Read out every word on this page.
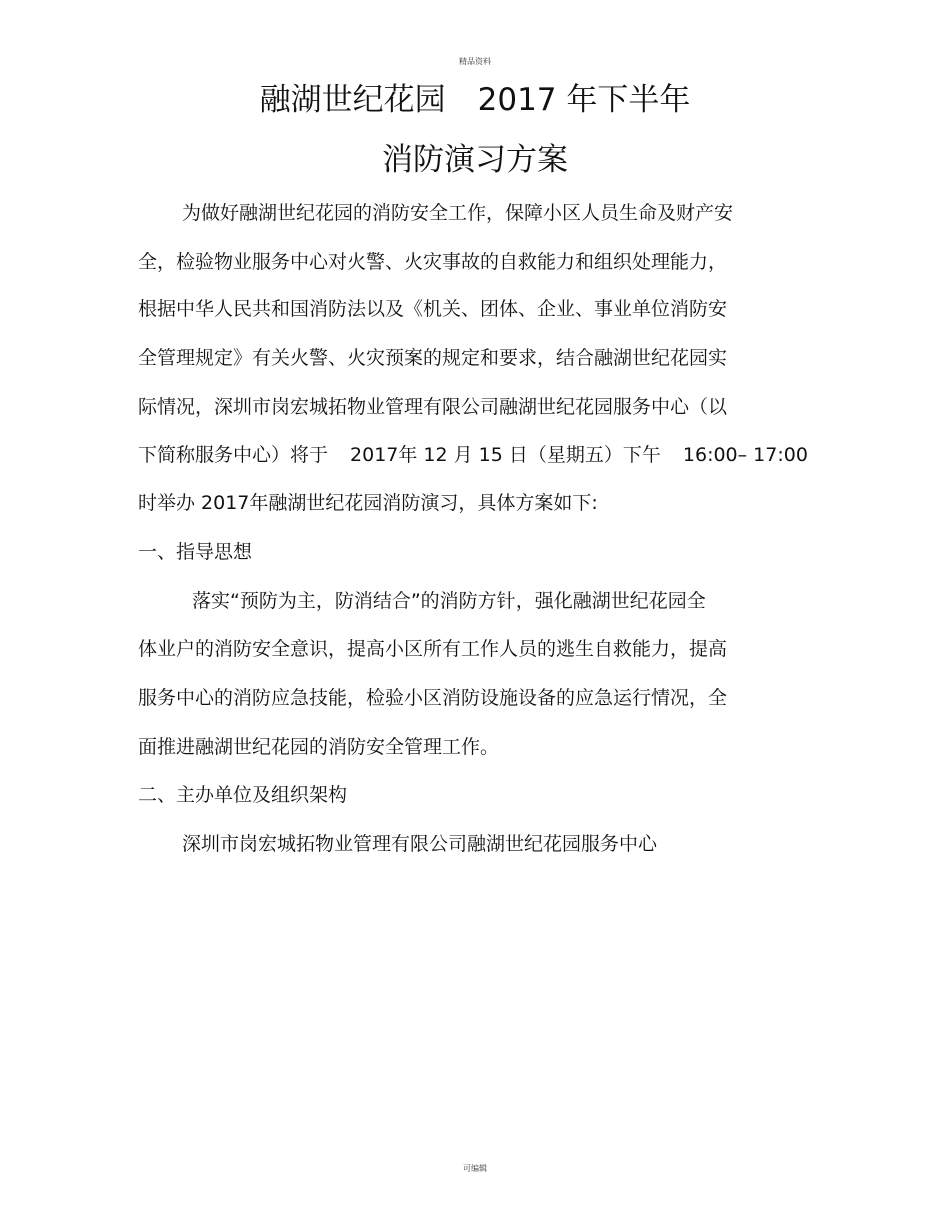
精品资料
融湖世纪花园 2017 年下半年
消防演习方案
为做好融湖世纪花园的消防安全工作，保障小区人员生命及财产安
全，检验物业服务中心对火警、火灾事故的自救能力和组织处理能力，
根据中华人民共和国消防法以及《机关、团体、企业、事业单位消防安
全管理规定》有关火警、火灾预案的规定和要求，结合融湖世纪花园实
际情况，深圳市岗宏城拓物业管理有限公司融湖世纪花园服务中心（以
下简称服务中心）将于 2017年 12 月 15 日（星期五）下午 16:00– 17:00
时举办 2017年融湖世纪花园消防演习，具体方案如下:
一、指导思想
落实“预防为主，防消结合”的消防方针，强化融湖世纪花园全
体业户的消防安全意识，提高小区所有工作人员的逃生自救能力，提高
服务中心的消防应急技能，检验小区消防设施设备的应急运行情况，全
面推进融湖世纪花园的消防安全管理工作。
二、主办单位及组织架构
深圳市岗宏城拓物业管理有限公司融湖世纪花园服务中心
可编辑
